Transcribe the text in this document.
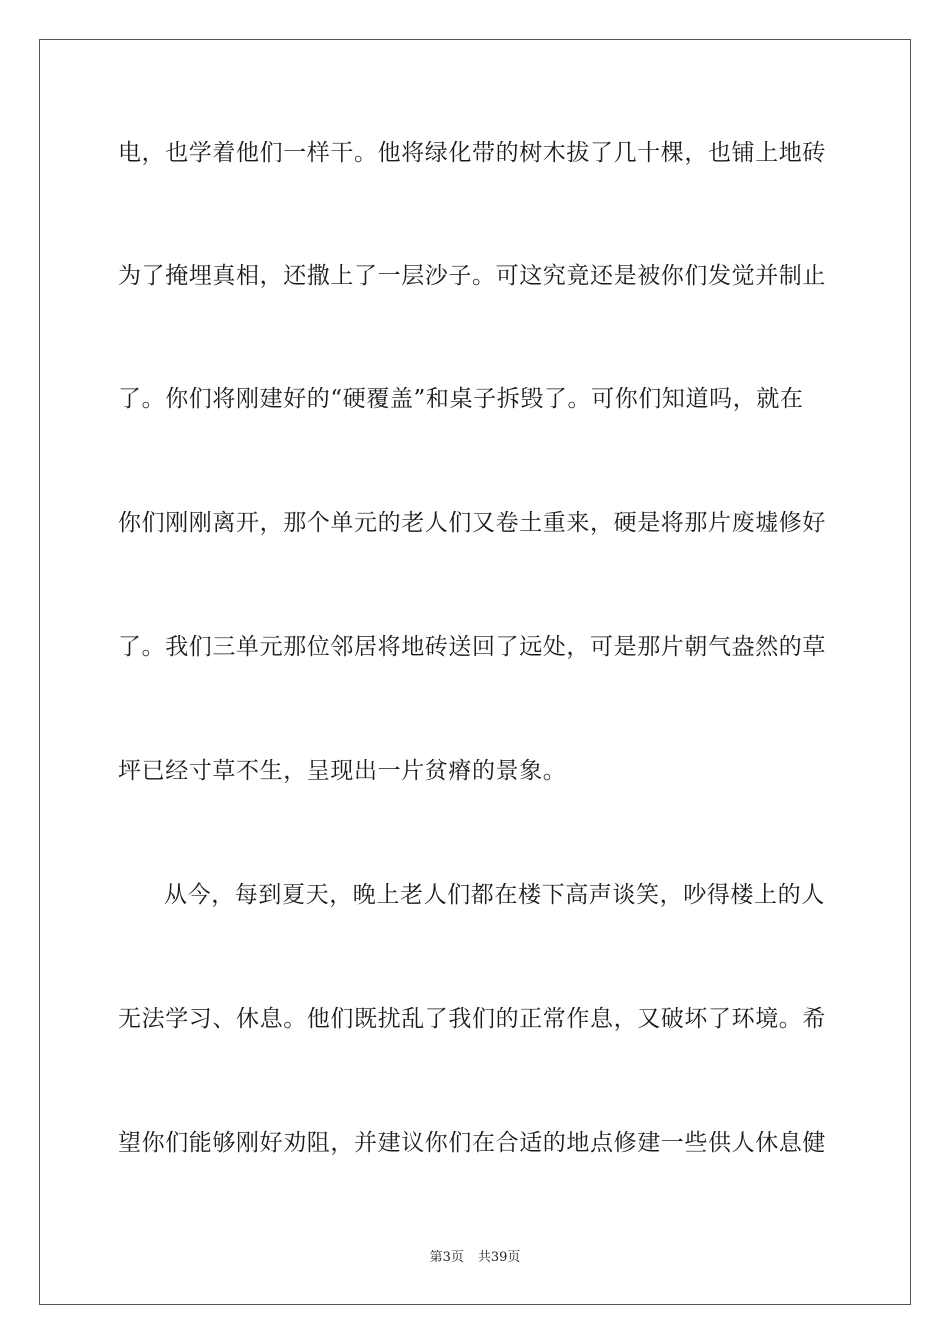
电，也学着他们一样干。他将绿化带的树木拔了几十棵，也铺上地砖
为了掩埋真相，还撒上了一层沙子。可这究竟还是被你们发觉并制止
了。你们将刚建好的“硬覆盖”和桌子拆毁了。可你们知道吗，就在
你们刚刚离开，那个单元的老人们又卷土重来，硬是将那片废墟修好
了。我们三单元那位邻居将地砖送回了远处，可是那片朝气盎然的草
坪已经寸草不生，呈现出一片贫瘠的景象。
从今，每到夏天，晚上老人们都在楼下高声谈笑，吵得楼上的人
无法学习、休息。他们既扰乱了我们的正常作息，又破坏了环境。希
望你们能够刚好劝阻，并建议你们在合适的地点修建一些供人休息健
第3页 共39页
